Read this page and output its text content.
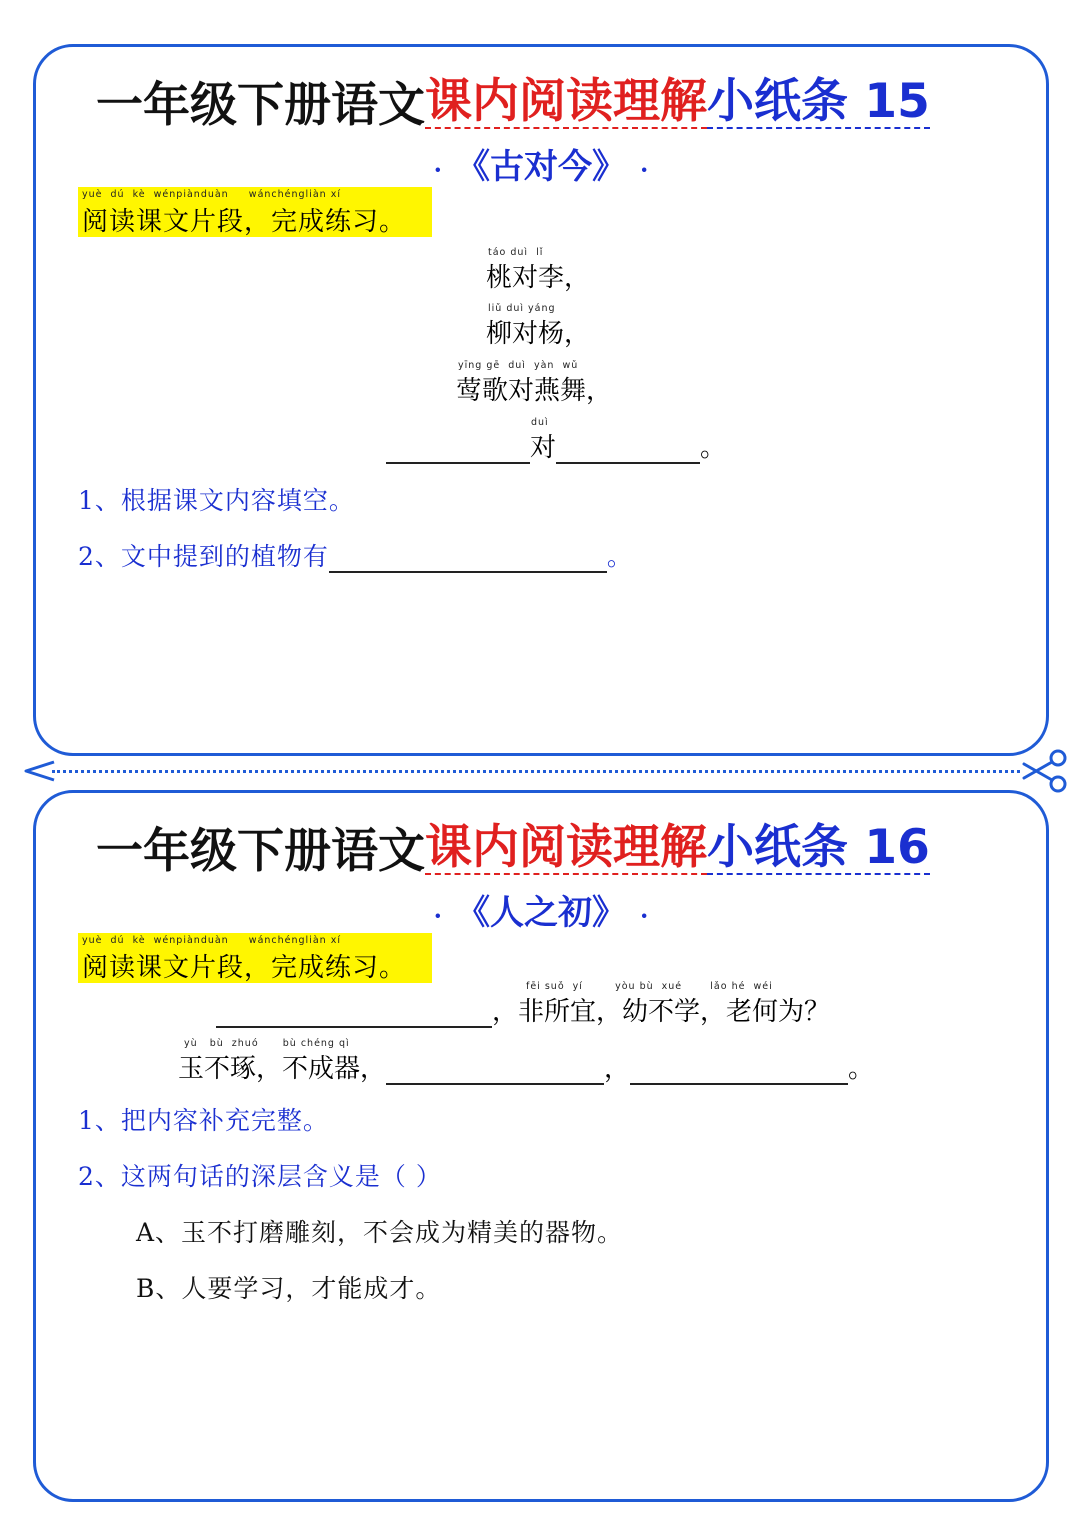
一年级下册语文 课内阅读理解 小纸条 15
· 《古对今》 ·
yuè  dú  kè  wénpiànduàn     wánchéngliàn xí
阅读课文片段，完成练习。
táo duì  lǐ
桃对李，
liǔ duì yáng
柳对杨，
yīng gē  duì  yàn  wǔ
莺歌对燕舞，
duì
对	。
1、根据课文内容填空。
2、文中提到的植物有	。
一年级下册语文 课内阅读理解 小纸条 16
· 《人之初》 ·
yuè  dú  kè  wénpiànduàn     wánchéngliàn xí
阅读课文片段，完成练习。
fēi suǒ  yí        yòu bù  xué       lǎo hé  wéi
，非所宜，幼不学，老何为？
yù   bù  zhuó      bù chéng qì
玉不琢，不成器，	，	。
1、把内容补充完整。
2、这两句话的深层含义是（ ）
A、玉不打磨雕刻，不会成为精美的器物。
B、人要学习，才能成才。
